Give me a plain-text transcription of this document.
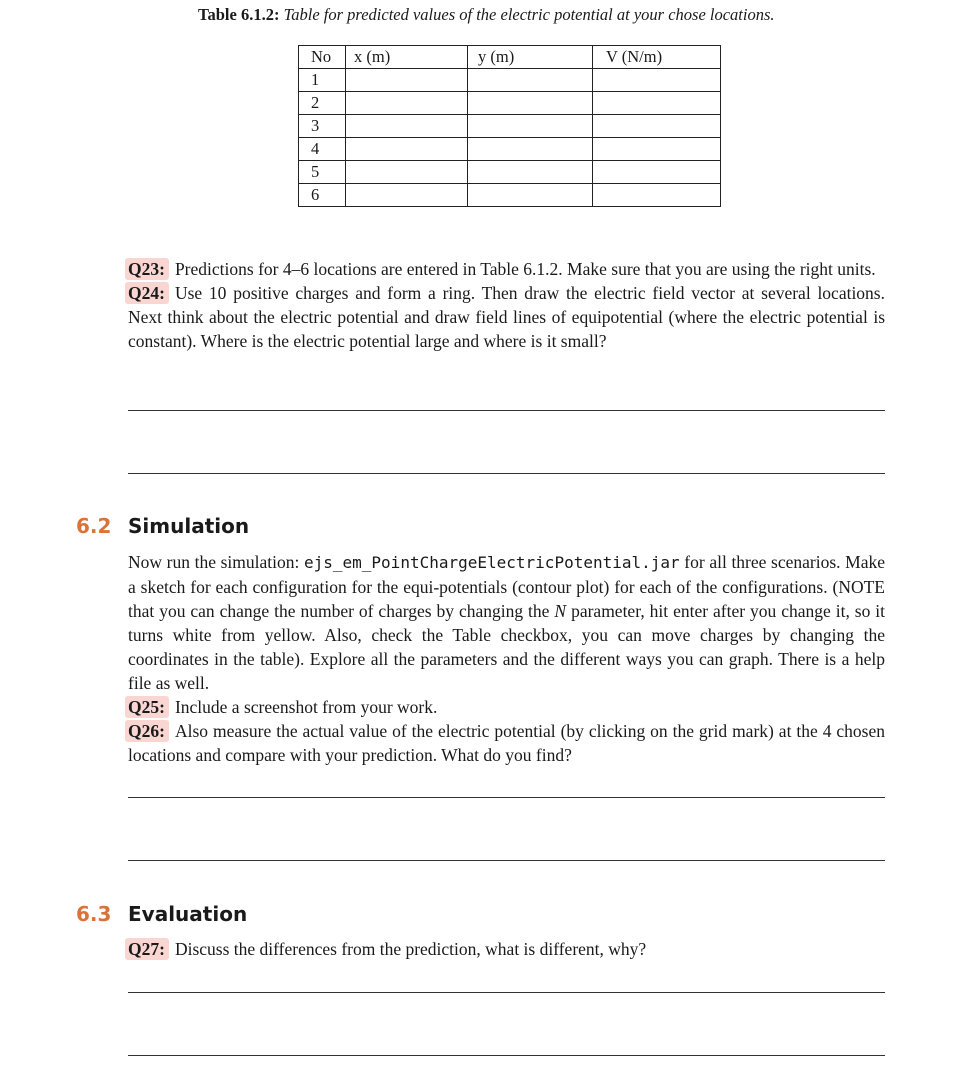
Table 6.1.2: Table for predicted values of the electric potential at your chose locations.
No	x (m)	y (m)	V (N/m)
1			
2			
3			
4			
5			
6			
Q23: Predictions for 4–6 locations are entered in Table 6.1.2. Make sure that you are using the right units.
Q24: Use 10 positive charges and form a ring. Then draw the electric field vector at several locations. Next think about the electric potential and draw field lines of equipotential (where the electric potential is constant). Where is the electric potential large and where is it small?
6.2 Simulation
Now run the simulation: ejs_em_PointChargeElectricPotential.jar for all three scenarios. Make a sketch for each configuration for the equi-potentials (contour plot) for each of the configurations. (NOTE that you can change the number of charges by changing the N parameter, hit enter after you change it, so it turns white from yellow. Also, check the Table checkbox, you can move charges by changing the coordinates in the table). Explore all the parameters and the different ways you can graph. There is a help file as well.
Q25: Include a screenshot from your work.
Q26: Also measure the actual value of the electric potential (by clicking on the grid mark) at the 4 chosen locations and compare with your prediction. What do you find?
6.3 Evaluation
Q27: Discuss the differences from the prediction, what is different, why?
